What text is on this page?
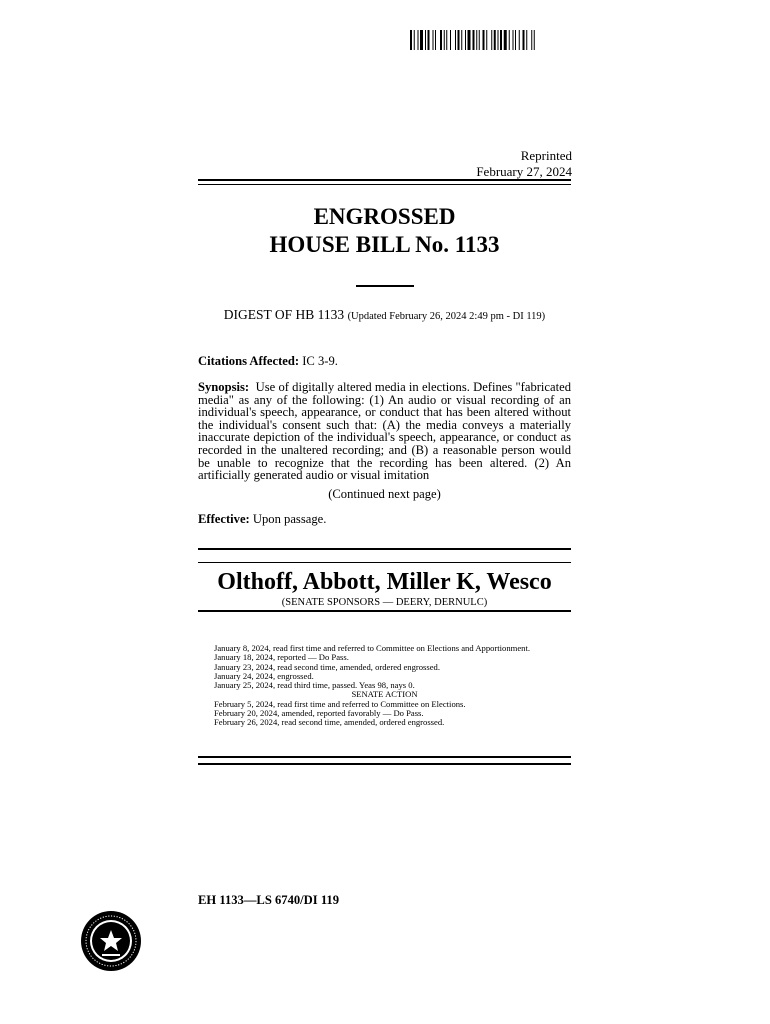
Reprinted
February 27, 2024
ENGROSSED
HOUSE BILL No. 1133
DIGEST OF HB 1133 (Updated February 26, 2024 2:49 pm - DI 119)
Citations Affected: IC 3-9.
Synopsis: Use of digitally altered media in elections. Defines "fabricated media" as any of the following: (1) An audio or visual recording of an individual's speech, appearance, or conduct that has been altered without the individual's consent such that: (A) the media conveys a materially inaccurate depiction of the individual's speech, appearance, or conduct as recorded in the unaltered recording; and (B) a reasonable person would be unable to recognize that the recording has been altered. (2) An artificially generated audio or visual imitation
(Continued next page)
Effective: Upon passage.
Olthoff, Abbott, Miller K, Wesco
(SENATE SPONSORS — DEERY, DERNULC)
January 8, 2024, read first time and referred to Committee on Elections and Apportionment.
January 18, 2024, reported — Do Pass.
January 23, 2024, read second time, amended, ordered engrossed.
January 24, 2024, engrossed.
January 25, 2024, read third time, passed. Yeas 98, nays 0.
SENATE ACTION
February 5, 2024, read first time and referred to Committee on Elections.
February 20, 2024, amended, reported favorably — Do Pass.
February 26, 2024, read second time, amended, ordered engrossed.
EH 1133—LS 6740/DI 119
